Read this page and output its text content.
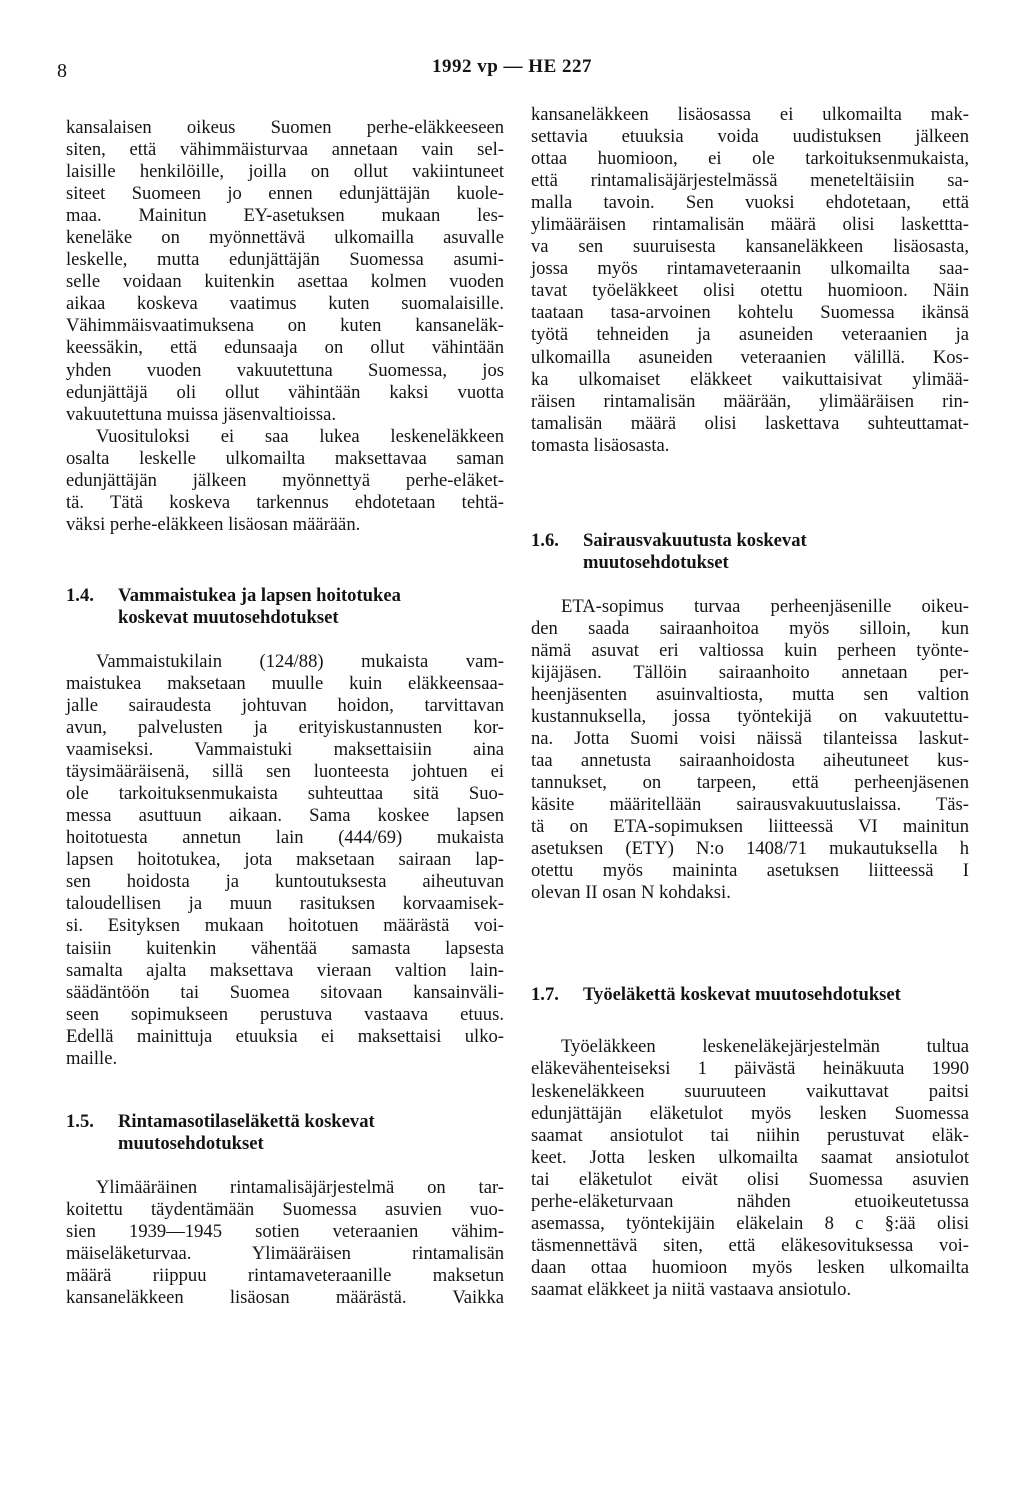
8	1992 vp — HE 227

kansalaisen oikeus Suomen perhe-eläkkeeseen
siten, että vähimmäisturvaa annetaan vain sel-
laisille henkilöille, joilla on ollut vakiintuneet
siteet Suomeen jo ennen edunjättäjän kuole-
maa. Mainitun EY-asetuksen mukaan les-
keneläke on myönnettävä ulkomailla asuvalle
leskelle, mutta edunjättäjän Suomessa asumi-
selle voidaan kuitenkin asettaa kolmen vuoden
aikaa koskeva vaatimus kuten suomalaisille.
Vähimmäisvaatimuksena on kuten kansaneläk-
keessäkin, että edunsaaja on ollut vähintään
yhden vuoden vakuutettuna Suomessa, jos
edunjättäjä oli ollut vähintään kaksi vuotta
vakuutettuna muissa jäsenvaltioissa.

Vuosituloksi ei saa lukea leskeneläkkeen
osalta leskelle ulkomailta maksettavaa saman
edunjättäjän jälkeen myönnettyä perhe-eläket-
tä. Tätä koskeva tarkennus ehdotetaan tehtä-
väksi perhe-eläkkeen lisäosan määrään.

1.4.	Vammaistukea ja lapsen hoitotukea
koskevat muutosehdotukset

Vammaistukilain (124/88) mukaista vam-
maistukea maksetaan muulle kuin eläkkeensaa-
jalle sairaudesta johtuvan hoidon, tarvittavan
avun, palvelusten ja erityiskustannusten kor-
vaamiseksi. Vammaistuki maksettaisiin aina
täysimääräisenä, sillä sen luonteesta johtuen ei
ole tarkoituksenmukaista suhteuttaa sitä Suo-
messa asuttuun aikaan. Sama koskee lapsen
hoitotuesta annetun lain (444/69) mukaista
lapsen hoitotukea, jota maksetaan sairaan lap-
sen hoidosta ja kuntoutuksesta aiheutuvan
taloudellisen ja muun rasituksen korvaamisek-
si. Esityksen mukaan hoitotuen määrästä voi-
taisiin kuitenkin vähentää samasta lapsesta
samalta ajalta maksettava vieraan valtion lain-
säädäntöön tai Suomea sitovaan kansainväli-
seen sopimukseen perustuva vastaava etuus.
Edellä mainittuja etuuksia ei maksettaisi ulko-
maille.

1.5.	Rintamasotilaseläkettä koskevat
muutosehdotukset

Ylimääräinen rintamalisäjärjestelmä on tar-
koitettu täydentämään Suomessa asuvien vuo-
sien 1939—1945 sotien veteraanien vähim-
mäiseläketurvaa. Ylimääräisen rintamalisän
määrä riippuu rintamaveteraanille maksetun
kansaneläkkeen lisäosan määrästä. Vaikka

kansaneläkkeen lisäosassa ei ulkomailta mak-
settavia etuuksia voida uudistuksen jälkeen
ottaa huomioon, ei ole tarkoituksenmukaista,
että rintamalisäjärjestelmässä meneteltäisiin sa-
malla tavoin. Sen vuoksi ehdotetaan, että
ylimääräisen rintamalisän määrä olisi laskettta-
va sen suuruisesta kansaneläkkeen lisäosasta,
jossa myös rintamaveteraanin ulkomailta saa-
tavat työeläkkeet olisi otettu huomioon. Näin
taataan tasa-arvoinen kohtelu Suomessa ikänsä
työtä tehneiden ja asuneiden veteraanien ja
ulkomailla asuneiden veteraanien välillä. Kos-
ka ulkomaiset eläkkeet vaikuttaisivat ylimää-
räisen rintamalisän määrään, ylimääräisen rin-
tamalisän määrä olisi laskettava suhteuttamat-
tomasta lisäosasta.

1.6.	Sairausvakuutusta koskevat
muutosehdotukset

ETA-sopimus turvaa perheenjäsenille oikeu-
den saada sairaanhoitoa myös silloin, kun
nämä asuvat eri valtiossa kuin perheen työnte-
kijäjäsen. Tällöin sairaanhoito annetaan per-
heenjäsenten asuinvaltiosta, mutta sen valtion
kustannuksella, jossa työntekijä on vakuutettu-
na. Jotta Suomi voisi näissä tilanteissa laskut-
taa annetusta sairaanhoidosta aiheutuneet kus-
tannukset, on tarpeen, että perheenjäsenen
käsite määritellään sairausvakuutuslaissa. Täs-
tä on ETA-sopimuksen liitteessä VI mainitun
asetuksen (ETY) N:o 1408/71 mukautuksella h
otettu myös maininta asetuksen liitteessä I
olevan II osan N kohdaksi.

1.7.	Työeläkettä koskevat muutosehdotukset

Työeläkkeen leskeneläkejärjestelmän tultua
eläkevähenteiseksi 1 päivästä heinäkuuta 1990
leskeneläkkeen suuruuteen vaikuttavat paitsi
edunjättäjän eläketulot myös lesken Suomessa
saamat ansiotulot tai niihin perustuvat eläk-
keet. Jotta lesken ulkomailta saamat ansiotulot
tai eläketulot eivät olisi Suomessa asuvien
perhe-eläketurvaan nähden etuoikeutetussa
asemassa, työntekijäin eläkelain 8 c §:ää olisi
täsmennettävä siten, että eläkesovituksessa voi-
daan ottaa huomioon myös lesken ulkomailta
saamat eläkkeet ja niitä vastaava ansiotulo.
